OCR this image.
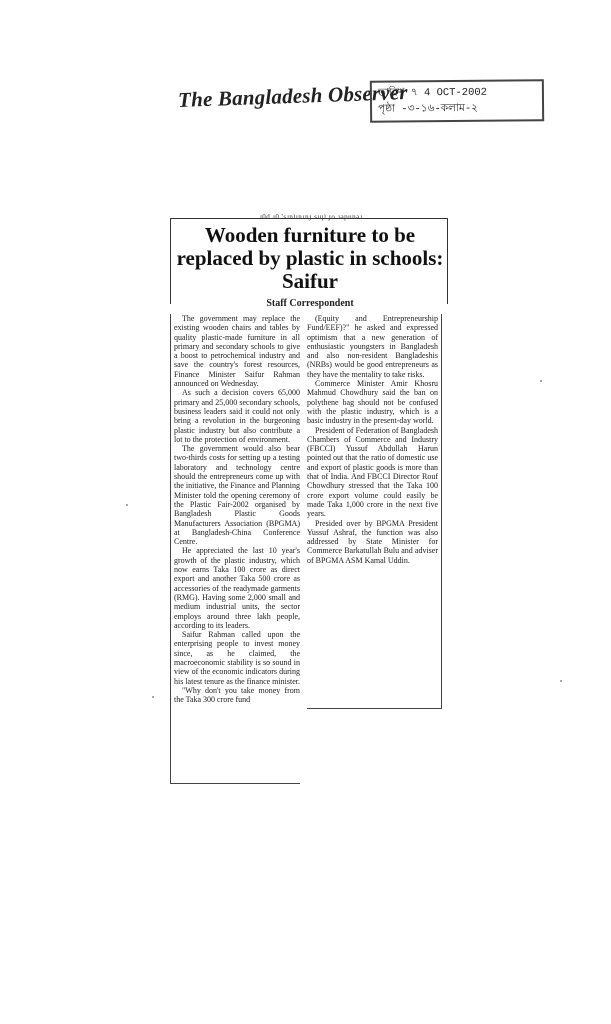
The Bangladesh Observer
তারিখ ৭ 4 OCT-2002
পৃষ্ঠা -৩-১৬-কলাম-২
ɹ0d ɹ0 'sɹnʇınɹnɟ sıɥʇ ɟo ɹǝpunǝɹ
Wooden furniture to be replaced by plastic in schools: Saifur
Staff Correspondent

The government may replace the existing wooden chairs and tables by quality plastic-made furniture in all primary and secondary schools to give a boost to petrochemical industry and save the country's forest resources, Finance Minister Saifur Rahman announced on Wednesday.

As such a decision covers 65,000 primary and 25,000 secondary schools, business leaders said it could not only bring a revolution in the burgeoning plastic industry but also contribute a lot to the protection of environment.

The government would also bear two-thirds costs for setting up a testing laboratory and technology centre should the entrepreneurs come up with the initiative, the Finance and Planning Minister told the opening ceremony of the Plastic Fair-2002 organised by Bangladesh Plastic Goods Manufacturers Association (BPGMA) at Bangladesh-China Conference Centre.

He appreciated the last 10 year's growth of the plastic industry, which now earns Taka 100 crore as direct export and another Taka 500 crore as accessories of the readymade garments (RMG). Having some 2,000 small and medium industrial units, the sector employs around three lakh people, according to its leaders.

Saifur Rahman called upon the enterprising people to invest money since, as he claimed, the macroeconomic stability is so sound in view of the economic indicators during his latest tenure as the finance minister.

"Why don't you take money from the Taka 300 crore fund

(Equity and Entrepreneurship Fund/EEF)?" he asked and expressed optimism that a new generation of enthusiastic youngsters in Bangladesh and also non-resident Bangladeshis (NRBs) would be good entrepreneurs as they have the mentality to take risks.

Commerce Minister Amir Khosru Mahmud Chowdhury said the ban on polythene bag should not be confused with the plastic industry, which is a basic industry in the present-day world.

President of Federation of Bangladesh Chambers of Commerce and Industry (FBCCI) Yussuf Abdullah Harun pointed out that the ratio of domestic use and export of plastic goods is more than that of India. And FBCCI Director Rouf Chowdhury stressed that the Taka 100 crore export volume could easily be made Taka 1,000 crore in the next five years.

Presided over by BPGMA President Yussuf Ashraf, the function was also addressed by State Minister for Commerce Barkatullah Bulu and adviser of BPGMA ASM Kamal Uddin.
